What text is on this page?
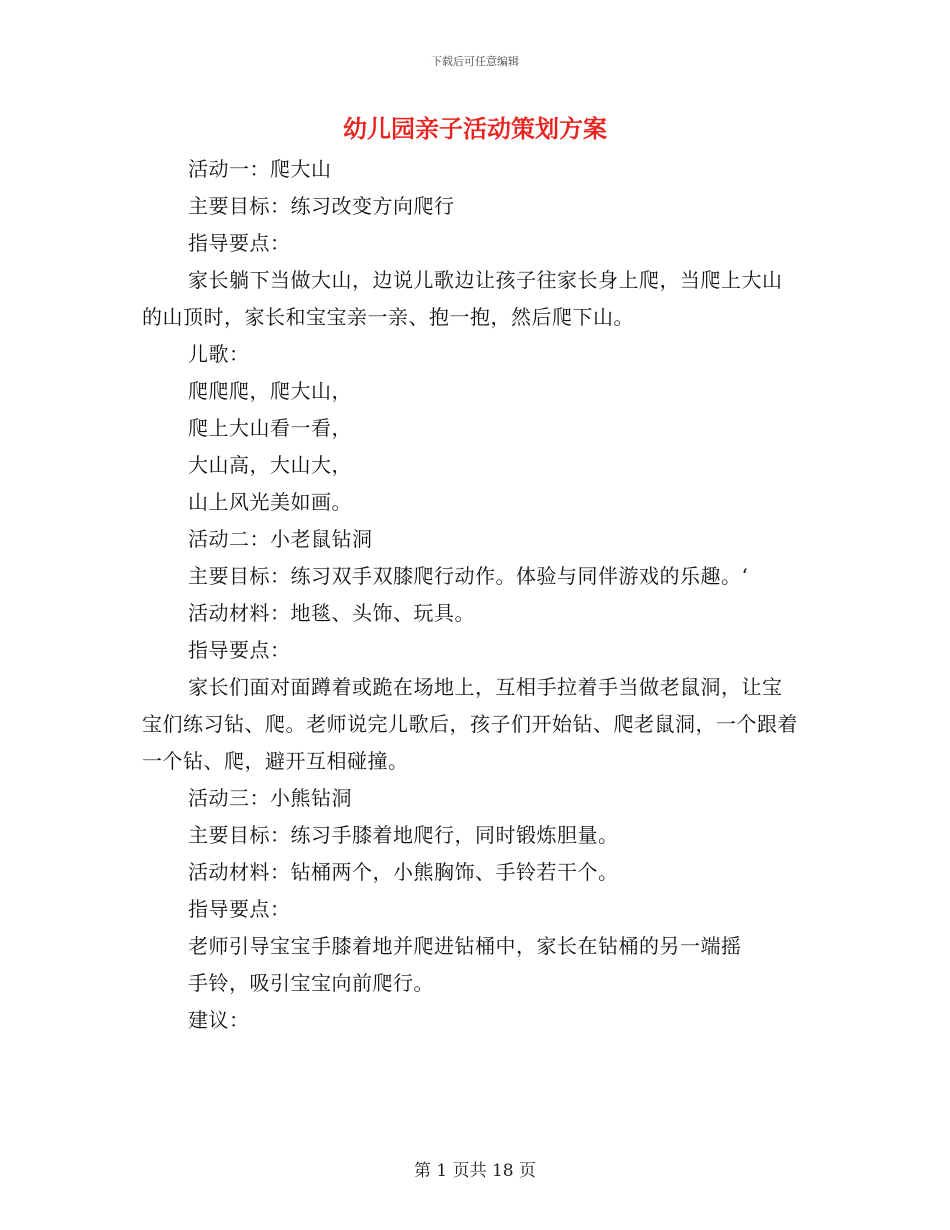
下载后可任意编辑
幼儿园亲子活动策划方案

活动一：爬大山

主要目标：练习改变方向爬行

指导要点：

家长躺下当做大山，边说儿歌边让孩子往家长身上爬，当爬上大山的山顶时，家长和宝宝亲一亲、抱一抱，然后爬下山。

儿歌：

爬爬爬，爬大山，

爬上大山看一看，

大山高，大山大，

山上风光美如画。

活动二：小老鼠钻洞

主要目标：练习双手双膝爬行动作。体验与同伴游戏的乐趣。‘

活动材料：地毯、头饰、玩具。

指导要点：

家长们面对面蹲着或跪在场地上，互相手拉着手当做老鼠洞，让宝宝们练习钻、爬。老师说完儿歌后，孩子们开始钻、爬老鼠洞，一个跟着一个钻、爬，避开互相碰撞。

活动三：小熊钻洞

主要目标：练习手膝着地爬行，同时锻炼胆量。

活动材料：钻桶两个，小熊胸饰、手铃若干个。

指导要点：

老师引导宝宝手膝着地并爬进钻桶中，家长在钻桶的另一端摇

手铃，吸引宝宝向前爬行。

建议：

第 1 页共 18 页
